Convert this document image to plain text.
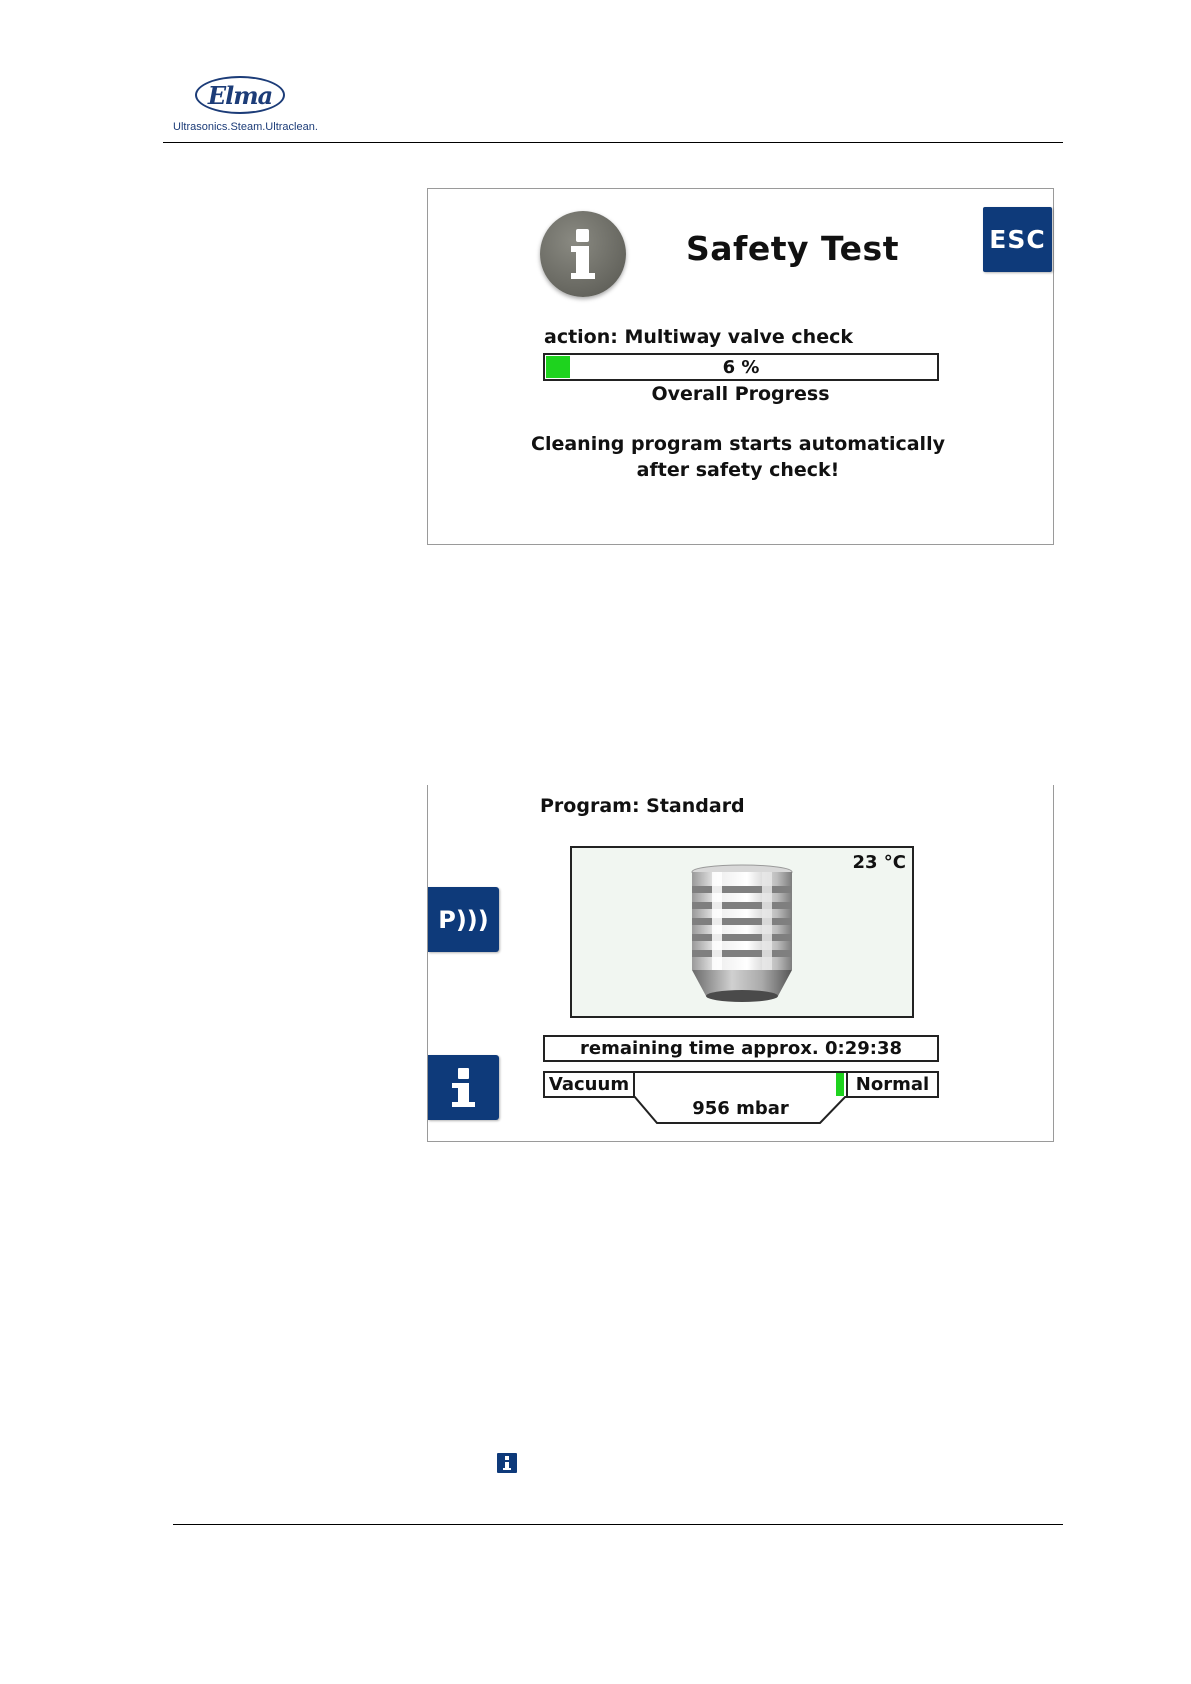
Elma
Ultrasonics.Steam.Ultraclean.
Safety Test	ESC
action: Multiway valve check
6 %
Overall Progress
Cleaning program starts automatically after safety check!
Program: Standard
P)))
23 °C
remaining time approx. 0:29:38
Vacuum	Normal
956 mbar
